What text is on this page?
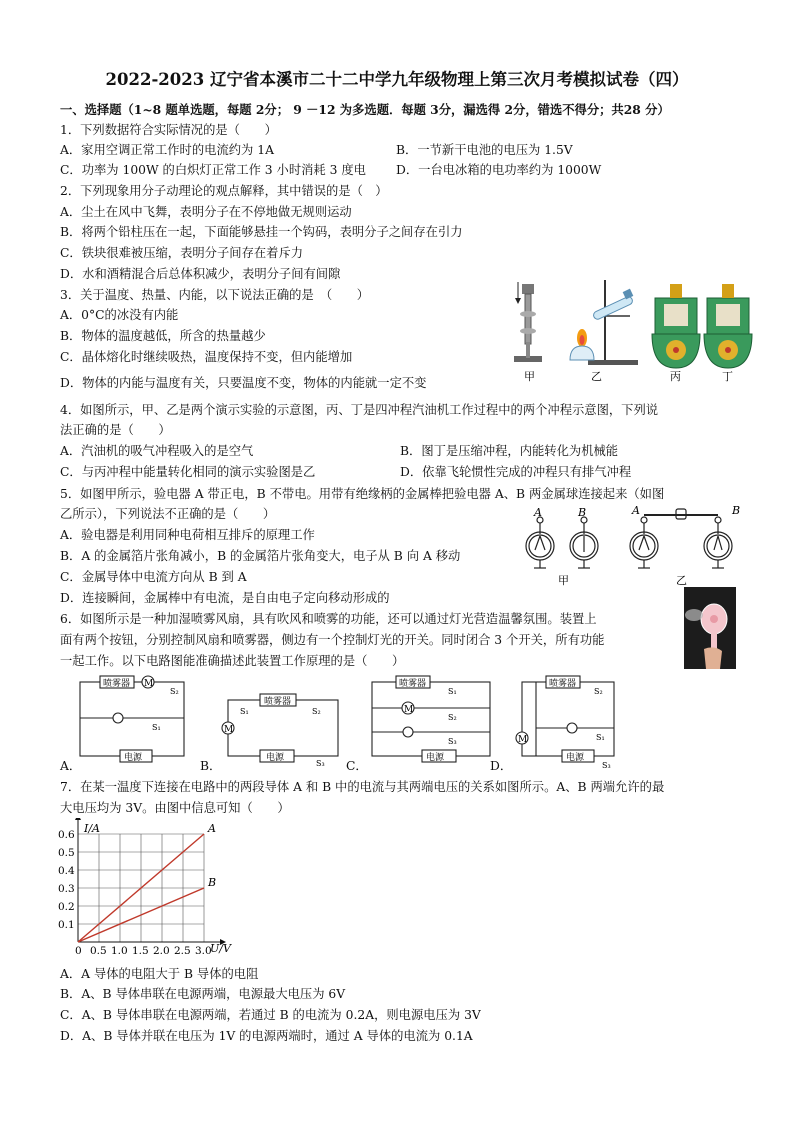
2022-2023 辽宁省本溪市二十二中学九年级物理上第三次月考模拟试卷（四）
一、选择题（1~8 题单选题，每题 2分； 9 －12 为多选题．每题 3分，漏选得 2分，错选不得分；共28 分）
1．下列数据符合实际情况的是（　　）
A．家用空调正常工作时的电流约为 1A	B．一节新干电池的电压为 1.5V
C．功率为 100W 的白炽灯正常工作 3 小时消耗 3 度电 D．一台电冰箱的电功率约为 1000W
2．下列现象用分子动理论的观点解释，其中错误的是（　）
A．尘土在风中飞舞，表明分子在不停地做无规则运动
B．将两个铅柱压在一起，下面能够悬挂一个钩码，表明分子之间存在引力
C．铁块很难被压缩，表明分子间存在着斥力
D．水和酒精混合后总体积减少，表明分子间有间隙
3．关于温度、热量、内能，以下说法正确的是　（　　）
A．0°C的冰没有内能
B．物体的温度越低，所含的热量越少
C．晶体熔化时继续吸热，温度保持不变，但内能增加
D．物体的内能与温度有关，只要温度不变，物体的内能就一定不变	甲	乙	丙	丁
4．如图所示，甲、乙是两个演示实验的示意图，丙、丁是四冲程汽油机工作过程中的两个冲程示意图，下列说
法正确的是（　　）
A．汽油机的吸气冲程吸入的是空气	B．图丁是压缩冲程，内能转化为机械能
C．与丙冲程中能量转化相同的演示实验图是乙	D．依靠飞轮惯性完成的冲程只有排气冲程
5．如图甲所示，验电器 A 带正电，B 不带电。用带有绝缘柄的金属棒把验电器 A、B 两金属球连接起来（如图
乙所示），下列说法不正确的是（　　）
A．验电器是利用同种电荷相互排斥的原理工作
B．A 的金属箔片张角减小，B 的金属箔片张角变大，电子从 B 向 A 移动
C．金属导体中电流方向从 B 到 A
D．连接瞬间，金属棒中有电流，是自由电子定向移动形成的
A	B	A	B
甲	乙
6．如图所示是一种加湿喷雾风扇，具有吹风和喷雾的功能，还可以通过灯光营造温馨氛围。装置上
面有两个按钮，分别控制风扇和喷雾器，侧边有一个控制灯光的开关。同时闭合 3 个开关，所有功能
一起工作。以下电路图能准确描述此装置工作原理的是（　　）
喷雾器 M
电源
S₂
S₁
喷雾器
M
电源
S₁	S₂
S₃
喷雾器
M
电源
S₁
S₂
S₃
喷雾器
M
电源
S₂
S₁
S₃
A．	B．	C．	D．
7．在某一温度下连接在电路中的两段导体 A 和 B 中的电流与其两端电压的关系如图所示。A、B 两端允许的最
大电压均为 3V。由图中信息可知（　　）
0 0.5 1.0 1.5 2.0 2.5 3.0
0.1
0.2
0.3
0.4
0.5
0.6	A
B
I/A
U/V
A．A 导体的电阻大于 B 导体的电阻
B．A、B 导体串联在电源两端，电源最大电压为 6V
C．A、B 导体串联在电源两端，若通过 B 的电流为 0.2A，则电源电压为 3V
D．A、B 导体并联在电压为 1V 的电源两端时，通过 A 导体的电流为 0.1A
